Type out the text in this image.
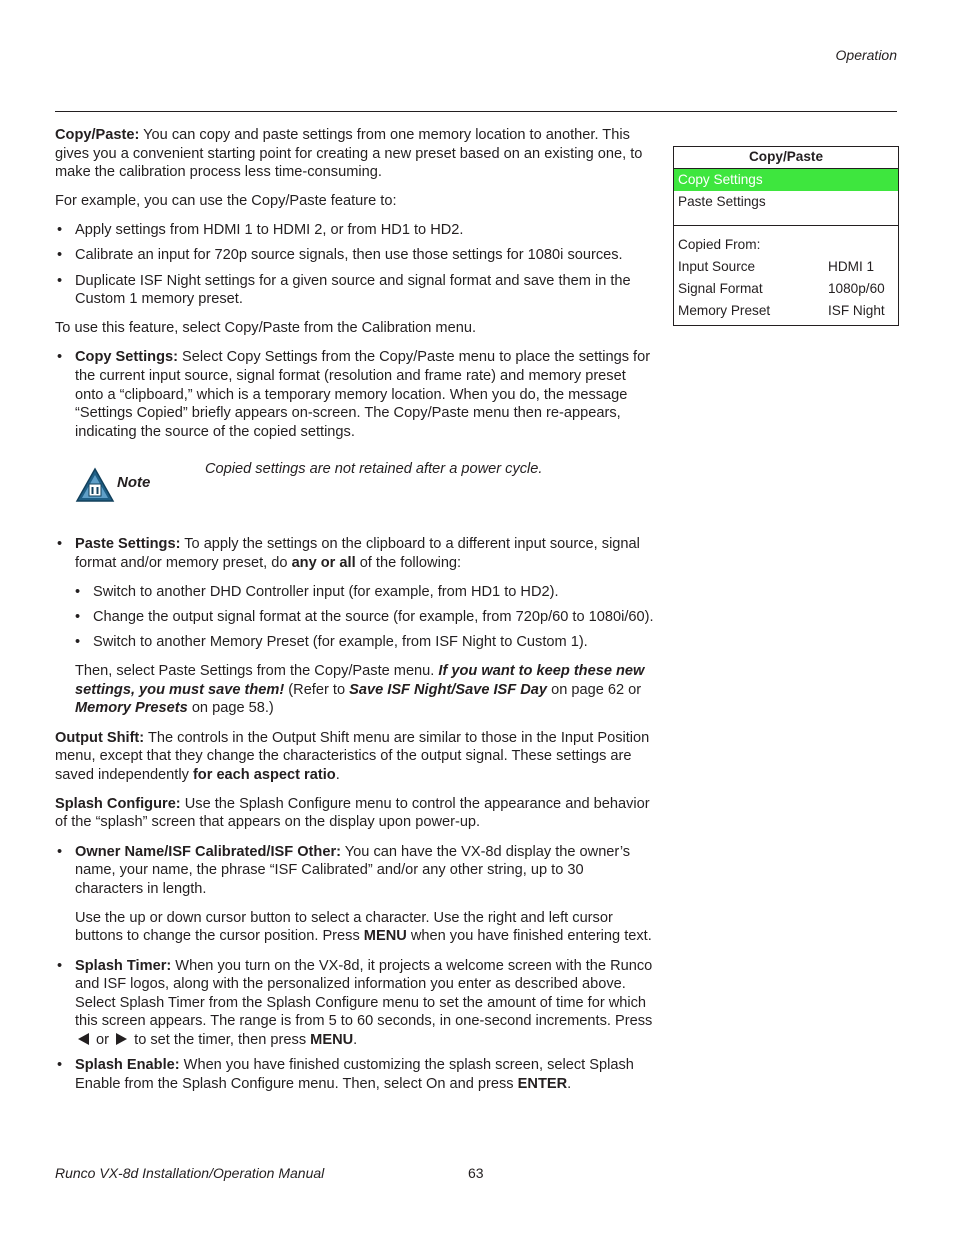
Operation

Copy/Paste: You can copy and paste settings from one memory location to another. This gives you a convenient starting point for creating a new preset based on an existing one, to make the calibration process less time-consuming.

For example, you can use the Copy/Paste feature to:

• Apply settings from HDMI 1 to HDMI 2, or from HD1 to HD2.
• Calibrate an input for 720p source signals, then use those settings for 1080i sources.
• Duplicate ISF Night settings for a given source and signal format and save them in the Custom 1 memory preset.

To use this feature, select Copy/Paste from the Calibration menu.

• Copy Settings: Select Copy Settings from the Copy/Paste menu to place the settings for the current input source, signal format (resolution and frame rate) and memory preset onto a “clipboard,” which is a temporary memory location. When you do, the message “Settings Copied” briefly appears on-screen. The Copy/Paste menu then re-appears, indicating the source of the copied settings.
Note
Copied settings are not retained after a power cycle.
• Paste Settings: To apply the settings on the clipboard to a different input source, signal format and/or memory preset, do any or all of the following:
• Switch to another DHD Controller input (for example, from HD1 to HD2).
• Change the output signal format at the source (for example, from 720p/60 to 1080i/60).
• Switch to another Memory Preset (for example, from ISF Night to Custom 1).

Then, select Paste Settings from the Copy/Paste menu. If you want to keep these new settings, you must save them! (Refer to Save ISF Night/Save ISF Day on page 62 or Memory Presets on page 58.)

Output Shift: The controls in the Output Shift menu are similar to those in the Input Position menu, except that they change the characteristics of the output signal. These settings are saved independently for each aspect ratio.

Splash Configure: Use the Splash Configure menu to control the appearance and behavior of the “splash” screen that appears on the display upon power-up.

• Owner Name/ISF Calibrated/ISF Other: You can have the VX-8d display the owner’s name, your name, the phrase “ISF Calibrated” and/or any other string, up to 30 characters in length.

Use the up or down cursor button to select a character. Use the right and left cursor buttons to change the cursor position. Press MENU when you have finished entering text.

• Splash Timer: When you turn on the VX-8d, it projects a welcome screen with the Runco and ISF logos, along with the personalized information you enter as described above. Select Splash Timer from the Splash Configure menu to set the amount of time for which this screen appears. The range is from 5 to 60 seconds, in one-second increments. Press  or  to set the timer, then press MENU.
• Splash Enable: When you have finished customizing the splash screen, select Splash Enable from the Splash Configure menu. Then, select On and press ENTER.
Copy/Paste
Copy Settings
Paste Settings
Copied From:
Input Source	HDMI 1
Signal Format	1080p/60
Memory Preset	ISF Night
Runco VX-8d Installation/Operation Manual	63
